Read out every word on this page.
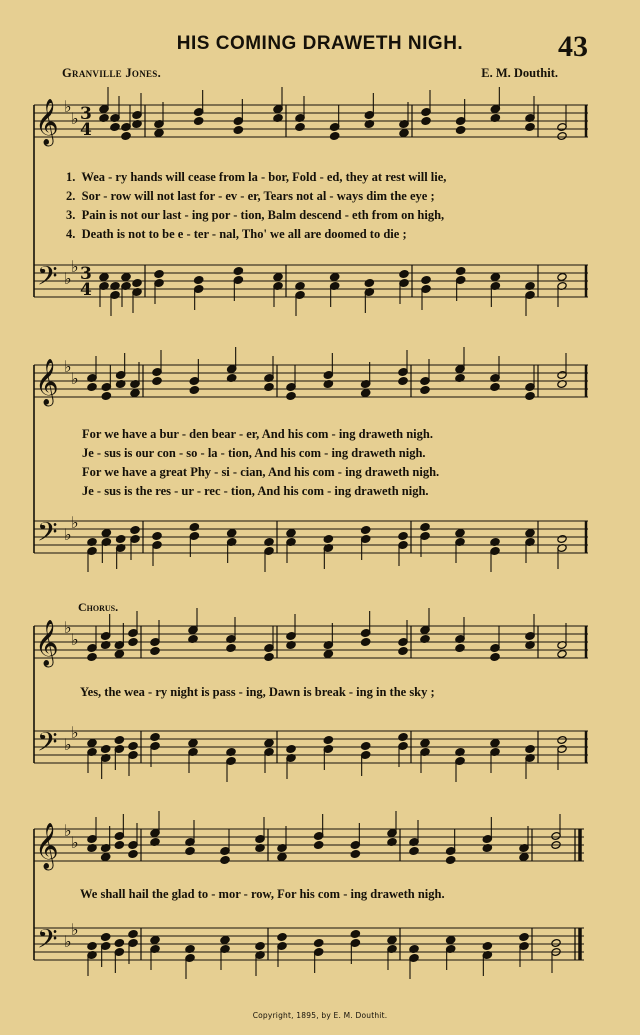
HIS COMING DRAWETH NIGH.	43
Granville Jones.	E. M. Douthit.
𝄞
𝄢
♭
♭
♭
♭
3
4
3
4
𝄞
𝄢
♭
♭
♭
♭
𝄞
𝄢
♭
♭
♭
♭
𝄞
𝄢
♭
♭
♭
♭
1. Wea - ry hands will cease from la - bor, Fold - ed, they at rest will lie,
2. Sor - row will not last for - ev - er, Tears not al - ways dim the eye ;
3. Pain is not our last - ing por - tion, Balm descend - eth from on high,
4. Death is not to be e - ter - nal, Tho' we all are doomed to die ;
For we have a bur - den bear - er, And his com - ing draweth nigh.
Je - sus is our con - so - la - tion, And his com - ing draweth nigh.
For we have a great Phy - si - cian, And his com - ing draweth nigh.
Je - sus is the res - ur - rec - tion, And his com - ing draweth nigh.
Chorus.
Yes, the wea - ry night is pass - ing, Dawn is break - ing in the sky ;
We shall hail the glad to - mor - row, For his com - ing draweth nigh.
Copyright, 1895, by E. M. Douthit.
